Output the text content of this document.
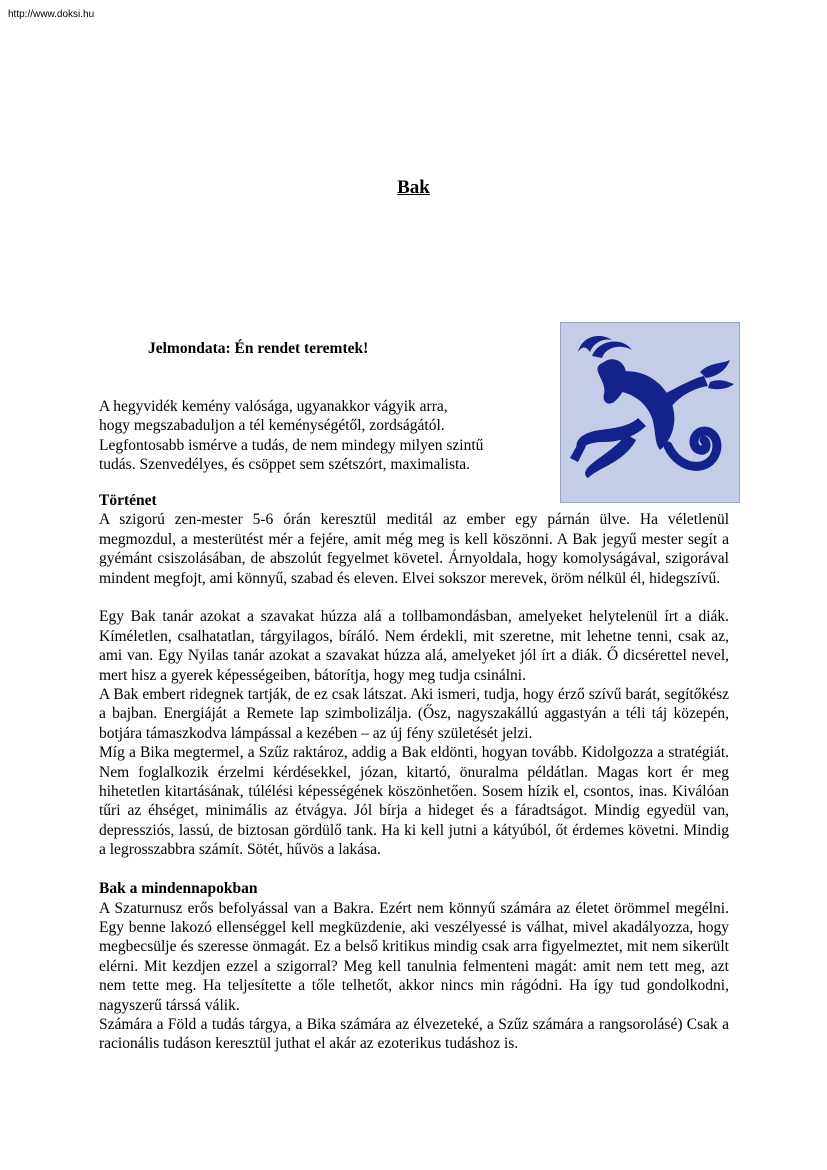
http://www.doksi.hu
Bak
Jelmondata: Én rendet teremtek!

A hegyvidék kemény valósága, ugyanakkor vágyik arra,

hogy megszabaduljon a tél keménységétől, zordságától.

Legfontosabb ismérve a tudás, de nem mindegy milyen szintű

tudás. Szenvedélyes, és csöppet sem szétszórt, maximalista.

Történet

A szigorú zen-mester 5-6 órán keresztül meditál az ember egy párnán ülve. Ha véletlenül megmozdul, a mesterütést mér a fejére, amit még meg is kell köszönni. A Bak jegyű mester segít a gyémánt csiszolásában, de abszolút fegyelmet követel. Árnyoldala, hogy komolyságával, szigorával mindent megfojt, ami könnyű, szabad és eleven. Elvei sokszor merevek, öröm nélkül él, hidegszívű.

Egy Bak tanár azokat a szavakat húzza alá a tollbamondásban, amelyeket helytelenül írt a diák. Kíméletlen, csalhatatlan, tárgyilagos, bíráló. Nem érdekli, mit szeretne, mit lehetne tenni, csak az, ami van. Egy Nyilas tanár azokat a szavakat húzza alá, amelyeket jól írt a diák. Ő dicsérettel nevel, mert hisz a gyerek képességeiben, bátorítja, hogy meg tudja csinálni.

A Bak embert ridegnek tartják, de ez csak látszat. Aki ismeri, tudja, hogy érző szívű barát, segítőkész a bajban. Energiáját a Remete lap szimbolizálja. (Ősz, nagyszakállú aggastyán a téli táj közepén, botjára támaszkodva lámpással a kezében – az új fény születését jelzi.

Míg a Bika megtermel, a Szűz raktároz, addig a Bak eldönti, hogyan tovább. Kidolgozza a stratégiát. Nem foglalkozik érzelmi kérdésekkel, józan, kitartó, önuralma példátlan. Magas kort ér meg hihetetlen kitartásának, túlélési képességének köszönhetően. Sosem hízik el, csontos, inas. Kiválóan tűri az éhséget, minimális az étvágya. Jól bírja a hideget és a fáradtságot. Mindig egyedül van, depressziós, lassú, de biztosan gördülő tank. Ha ki kell jutni a kátyúból, őt érdemes követni. Mindig a legrosszabbra számít. Sötét, hűvös a lakása.

Bak a mindennapokban

A Szaturnusz erős befolyással van a Bakra. Ezért nem könnyű számára az életet örömmel megélni. Egy benne lakozó ellenséggel kell megküzdenie, aki veszélyessé is válhat, mivel akadályozza, hogy megbecsülje és szeresse önmagát. Ez a belső kritikus mindig csak arra figyelmeztet, mit nem sikerült elérni. Mit kezdjen ezzel a szigorral? Meg kell tanulnia felmenteni magát: amit nem tett meg, azt nem tette meg. Ha teljesítette a tőle telhetőt, akkor nincs min rágódni. Ha így tud gondolkodni, nagyszerű társsá válik.

Számára a Föld a tudás tárgya, a Bika számára az élvezeteké, a Szűz számára a rangsorolásé) Csak a racionális tudáson keresztül juthat el akár az ezoterikus tudáshoz is.
